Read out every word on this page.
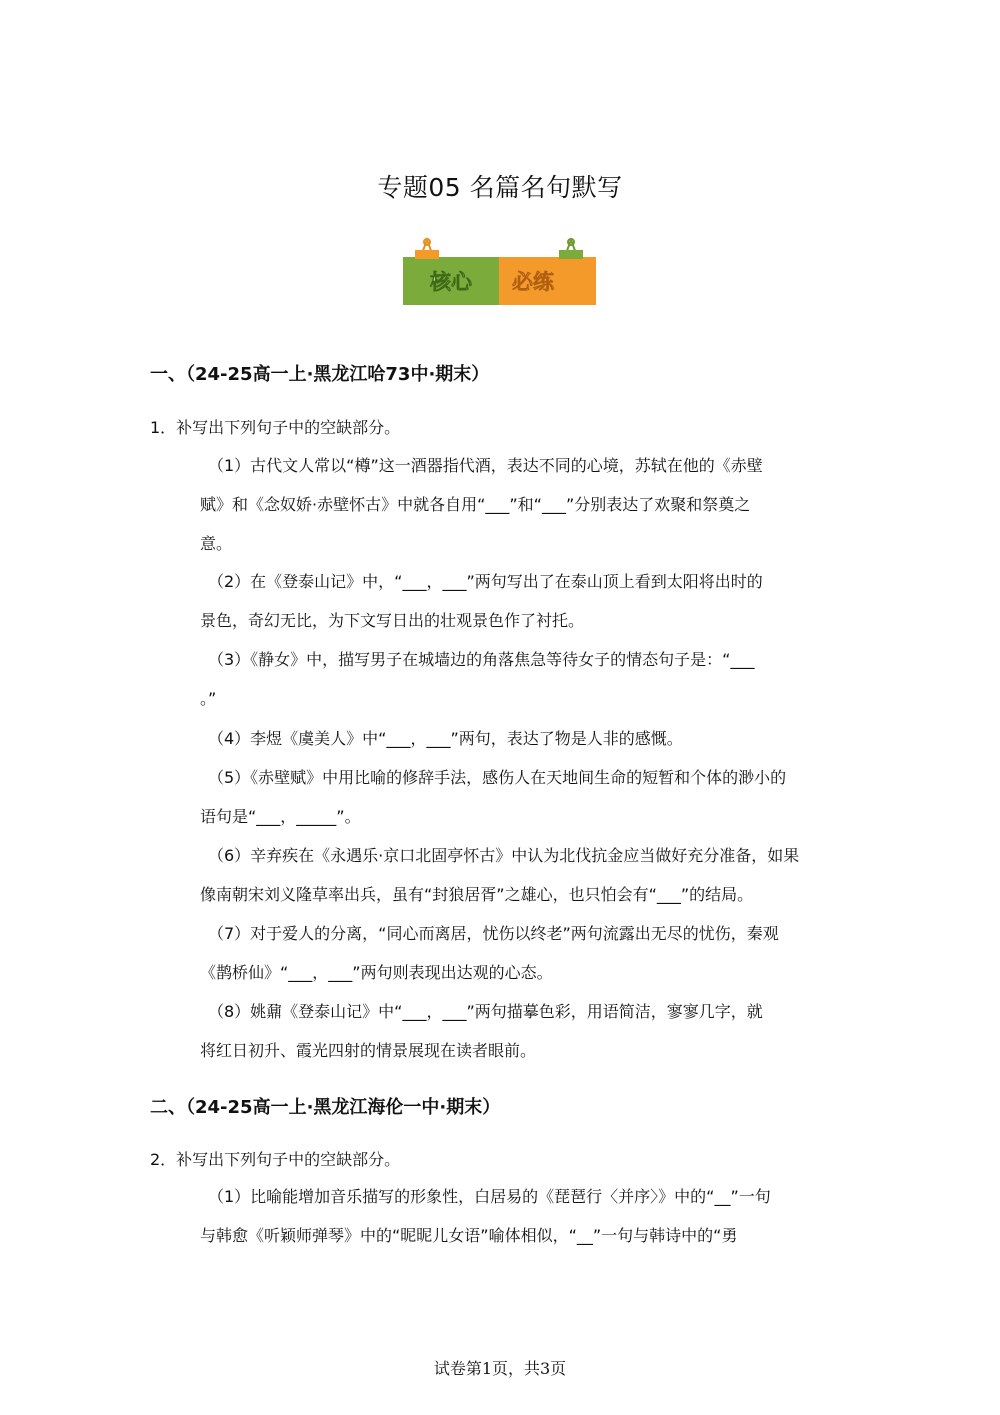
专题05 名篇名句默写
核心 必练
一、（24-25高一上·黑龙江哈73中·期末）
1．补写出下列句子中的空缺部分。
（1）古代文人常以“樽”这一酒器指代酒，表达不同的心境，苏轼在他的《赤壁
赋》和《念奴娇·赤壁怀古》中就各自用“___”和“___”分别表达了欢聚和祭奠之
意。
（2）在《登泰山记》中，“___，___”两句写出了在泰山顶上看到太阳将出时的
景色，奇幻无比，为下文写日出的壮观景色作了衬托。
（3）《静女》中，描写男子在城墙边的角落焦急等待女子的情态句子是：“___
。”
（4）李煜《虞美人》中“___，___”两句，表达了物是人非的感慨。
（5）《赤壁赋》中用比喻的修辞手法，感伤人在天地间生命的短暂和个体的渺小的
语句是“___，_____”。
（6）辛弃疾在《永遇乐·京口北固亭怀古》中认为北伐抗金应当做好充分准备，如果
像南朝宋刘义隆草率出兵，虽有“封狼居胥”之雄心，也只怕会有“___”的结局。
（7）对于爱人的分离，“同心而离居，忧伤以终老”两句流露出无尽的忧伤，秦观
《鹊桥仙》“___，___”两句则表现出达观的心态。
（8）姚鼐《登泰山记》中“___，___”两句描摹色彩，用语简洁，寥寥几字，就
将红日初升、霞光四射的情景展现在读者眼前。
二、（24-25高一上·黑龙江海伦一中·期末）
2．补写出下列句子中的空缺部分。
（1）比喻能增加音乐描写的形象性，白居易的《琵琶行〈并序〉》中的“__”一句
与韩愈《听颖师弹琴》中的“昵昵儿女语”喻体相似，“__”一句与韩诗中的“勇
试卷第1页，共3页
